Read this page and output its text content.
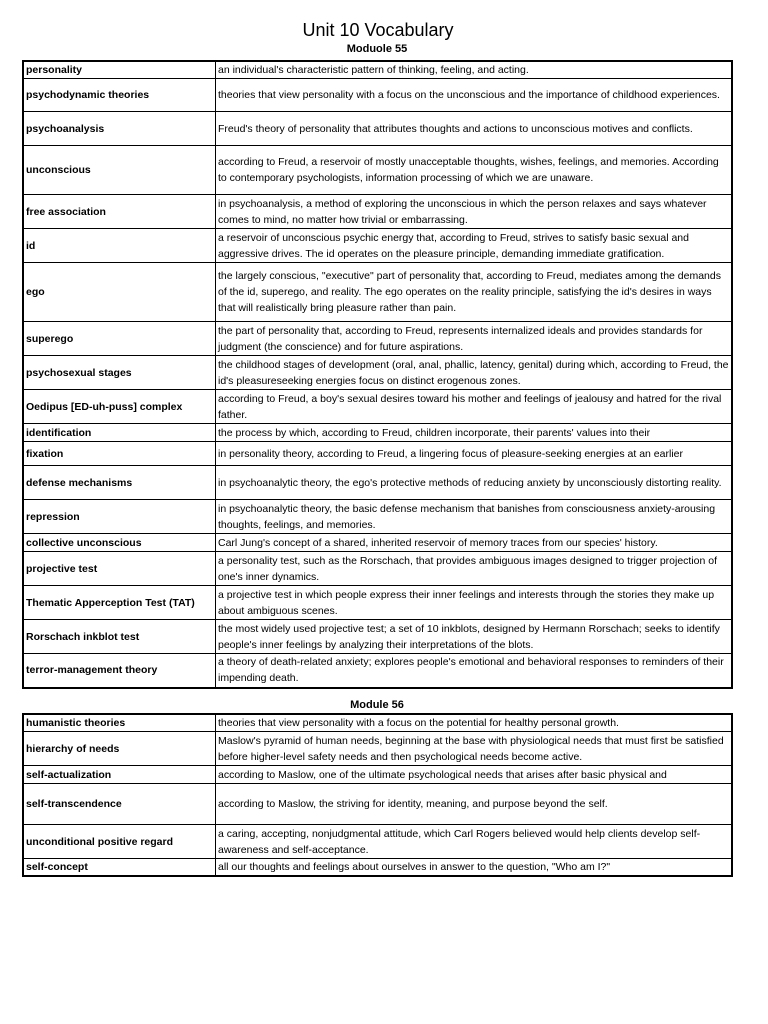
Unit 10 Vocabulary
Moduole 55
personality	an individual's characteristic pattern of thinking, feeling, and acting.
psychodynamic theories	theories that view personality with a focus on the unconscious and the importance of childhood experiences.
psychoanalysis	Freud's theory of personality that attributes thoughts and actions to unconscious motives and conflicts.
unconscious	according to Freud, a reservoir of mostly unacceptable thoughts, wishes, feelings, and memories. According to contemporary psychologists, information processing of which we are unaware.
free association	in psychoanalysis, a method of exploring the unconscious in which the person relaxes and says whatever comes to mind, no matter how trivial or embarrassing.
id	a reservoir of unconscious psychic energy that, according to Freud, strives to satisfy basic sexual and aggressive drives. The id operates on the pleasure principle, demanding immediate gratification.
ego	the largely conscious, "executive" part of personality that, according to Freud, mediates among the demands of the id, superego, and reality. The ego operates on the reality principle, satisfying the id's desires in ways that will realistically bring pleasure rather than pain.
superego	the part of personality that, according to Freud, represents internalized ideals and provides standards for judgment (the conscience) and for future aspirations.
psychosexual stages	the childhood stages of development (oral, anal, phallic, latency, genital) during which, according to Freud, the id's pleasureseeking energies focus on distinct erogenous zones.
Oedipus [ED-uh-puss] complex	according to Freud, a boy's sexual desires toward his mother and feelings of jealousy and hatred for the rival father.
identification	the process by which, according to Freud, children incorporate, their parents' values into their
fixation	in personality theory, according to Freud, a lingering focus of pleasure-seeking energies at an earlier
defense mechanisms	in psychoanalytic theory, the ego's protective methods of reducing anxiety by unconsciously distorting reality.
repression	in psychoanalytic theory, the basic defense mechanism that banishes from consciousness anxiety-arousing thoughts, feelings, and memories.
collective unconscious	Carl Jung's concept of a shared, inherited reservoir of memory traces from our species' history.
projective test	a personality test, such as the Rorschach, that provides ambiguous images designed to trigger projection of one's inner dynamics.
Thematic Apperception Test (TAT)	a projective test in which people express their inner feelings and interests through the stories they make up about ambiguous scenes.
Rorschach inkblot test	the most widely used projective test; a set of 10 inkblots, designed by Hermann Rorschach; seeks to identify people's inner feelings by analyzing their interpretations of the blots.
terror-management theory	a theory of death-related anxiety; explores people's emotional and behavioral responses to reminders of their impending death.
Module 56
humanistic theories	theories that view personality with a focus on the potential for healthy personal growth.
hierarchy of needs	Maslow's pyramid of human needs, beginning at the base with physiological needs that must first be satisfied before higher-level safety needs and then psychological needs become active.
self-actualization	according to Maslow, one of the ultimate psychological needs that arises after basic physical and
self-transcendence	according to Maslow, the striving for identity, meaning, and purpose beyond the self.
unconditional positive regard	a caring, accepting, nonjudgmental attitude, which Carl Rogers believed would help clients develop self-awareness and self-acceptance.
self-concept	all our thoughts and feelings about ourselves in answer to the question, "Who am I?"
